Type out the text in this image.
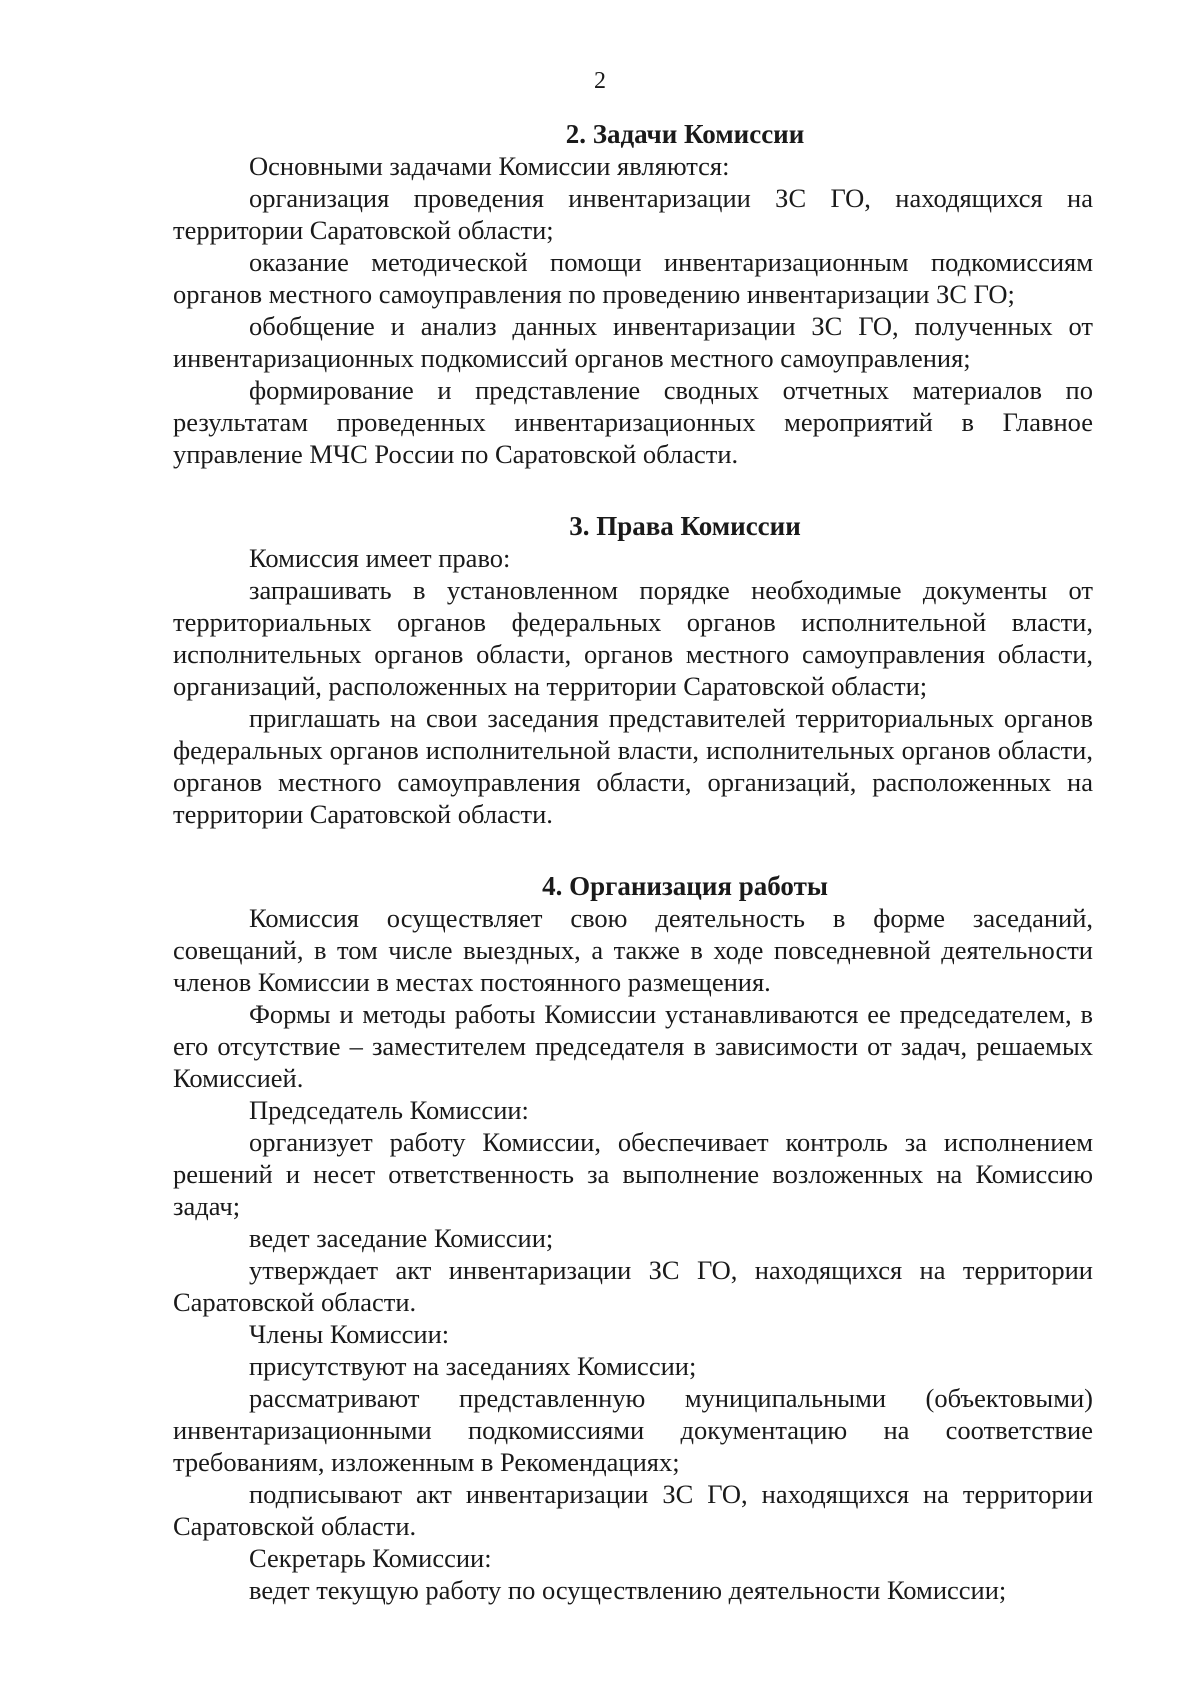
2
2. Задачи Комиссии

Основными задачами Комиссии являются:

организация проведения инвентаризации ЗС ГО, находящихся на территории Саратовской области;

оказание методической помощи инвентаризационным подкомиссиям органов местного самоуправления по проведению инвентаризации ЗС ГО;

обобщение и анализ данных инвентаризации ЗС ГО, полученных от инвентаризационных подкомиссий органов местного самоуправления;

формирование и представление сводных отчетных материалов по результатам проведенных инвентаризационных мероприятий в Главное управление МЧС России по Саратовской области.

3. Права Комиссии

Комиссия имеет право:

запрашивать в установленном порядке необходимые документы от территориальных органов федеральных органов исполнительной власти, исполнительных органов области, органов местного самоуправления области, организаций, расположенных на территории Саратовской области;

приглашать на свои заседания представителей территориальных органов федеральных органов исполнительной власти, исполнительных органов области, органов местного самоуправления области, организаций, расположенных на территории Саратовской области.

4. Организация работы

Комиссия осуществляет свою деятельность в форме заседаний, совещаний, в том числе выездных, а также в ходе повседневной деятельности членов Комиссии в местах постоянного размещения.

Формы и методы работы Комиссии устанавливаются ее председателем, в его отсутствие – заместителем председателя в зависимости от задач, решаемых Комиссией.

Председатель Комиссии:

организует работу Комиссии, обеспечивает контроль за исполнением решений и несет ответственность за выполнение возложенных на Комиссию задач;

ведет заседание Комиссии;

утверждает акт инвентаризации ЗС ГО, находящихся на территории Саратовской области.

Члены Комиссии:

присутствуют на заседаниях Комиссии;

рассматривают представленную муниципальными (объектовыми) инвентаризационными подкомиссиями документацию на соответствие требованиям, изложенным в Рекомендациях;

подписывают акт инвентаризации ЗС ГО, находящихся на территории Саратовской области.

Секретарь Комиссии:

ведет текущую работу по осуществлению деятельности Комиссии;
